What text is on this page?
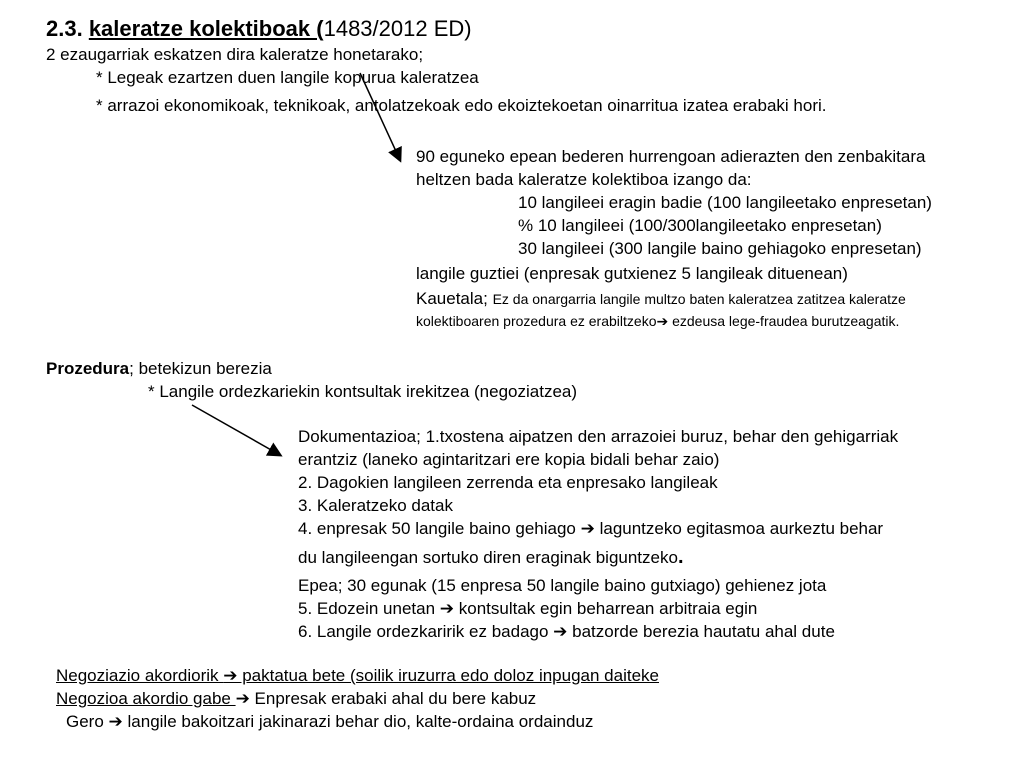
2.3. kaleratze kolektiboak (1483/2012 ED)
2 ezaugarriak eskatzen dira kaleratze honetarako;
* Legeak ezartzen duen langile kopurua kaleratzea
* arrazoi ekonomikoak, teknikoak, antolatzekoak edo ekoiztekoetan oinarritua izatea erabaki hori.
90 eguneko epean bederen hurrengoan adierazten den zenbakitara
heltzen bada kaleratze kolektiboa izango da:
10 langileei eragin badie (100 langileetako enpresetan)
% 10 langileei (100/300langileetako enpresetan)
30 langileei (300 langile baino gehiagoko enpresetan)
langile guztiei (enpresak gutxienez 5 langileak dituenean)
Kauetala; Ez da onargarria langile multzo baten kaleratzea zatitzea kaleratze
kolektiboaren prozedura ez erabiltzeko➔ ezdeusa lege-fraudea burutzeagatik.
Prozedura; betekizun berezia
* Langile ordezkariekin kontsultak irekitzea (negoziatzea)
Dokumentazioa; 1.txostena aipatzen den arrazoiei buruz, behar den gehigarriak
erantziz (laneko agintaritzari ere kopia bidali behar zaio)
2. Dagokien langileen zerrenda eta enpresako langileak
3. Kaleratzeko datak
4. enpresak 50 langile baino gehiago ➔ laguntzeko egitasmoa aurkeztu behar
du langileengan sortuko diren eraginak biguntzeko.
Epea; 30 egunak (15 enpresa 50 langile baino gutxiago) gehienez jota
5. Edozein unetan ➔ kontsultak egin beharrean arbitraia egin
6. Langile ordezkaririk ez badago ➔ batzorde berezia hautatu ahal dute
Negoziazio akordiorik ➔ paktatua bete (soilik iruzurra edo doloz inpugan daiteke
Negozioa akordio gabe ➔ Enpresak erabaki ahal du bere kabuz
Gero ➔ langile bakoitzari jakinarazi behar dio, kalte-ordaina ordainduz
